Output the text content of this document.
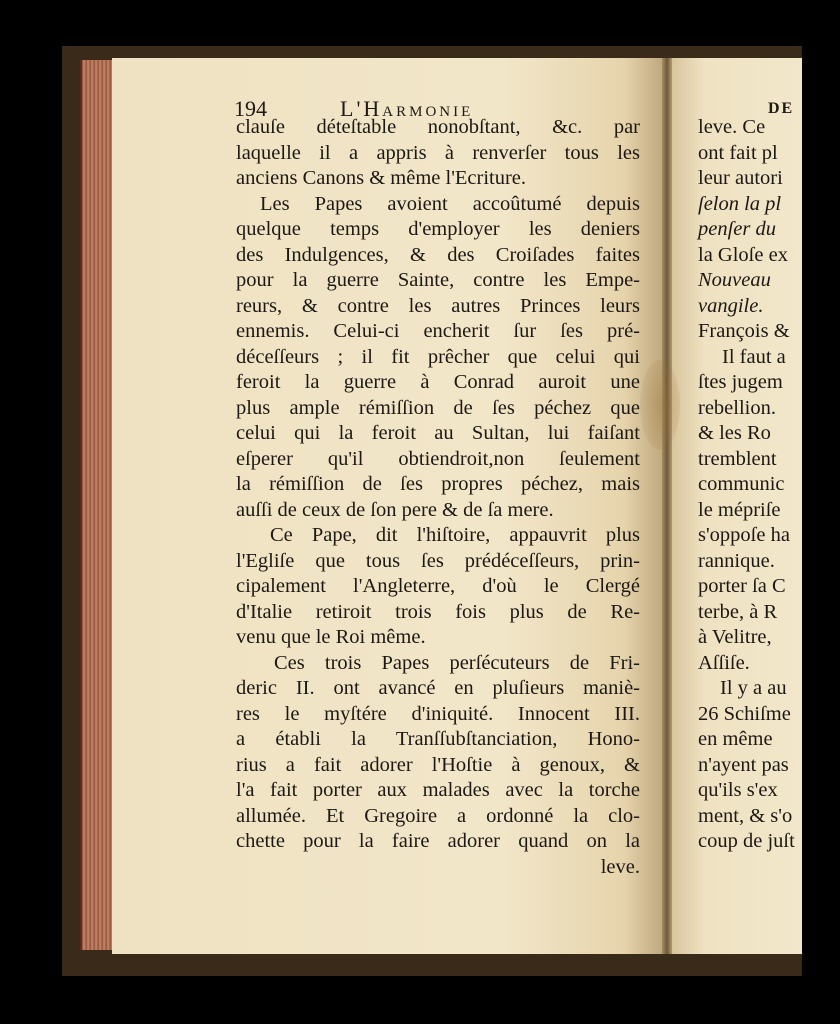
194	L'Harmonie	DE
clauſe déteſtable nonobſtant, &c. par
laquelle il a appris à renverſer tous les
anciens Canons & même l'Ecriture.
Les Papes avoient accoûtumé depuis
quelque temps d'employer les deniers
des Indulgences, & des Croiſades faites
pour la guerre Sainte, contre les Empe-
reurs, & contre les autres Princes leurs
ennemis. Celui-ci encherit ſur ſes pré-
déceſſeurs ; il fit prêcher que celui qui
feroit la guerre à Conrad auroit une
plus ample rémiſſion de ſes péchez que
celui qui la feroit au Sultan, lui faiſant
eſperer qu'il obtiendroit,non ſeulement
la rémiſſion de ſes propres péchez, mais
auſſi de ceux de ſon pere & de ſa mere.
Ce Pape, dit l'hiſtoire, appauvrit plus
l'Egliſe que tous ſes prédéceſſeurs, prin-
cipalement l'Angleterre, d'où le Clergé
d'Italie retiroit trois fois plus de Re-
venu que le Roi même.
Ces trois Papes perſécuteurs de Fri-
deric II. ont avancé en pluſieurs maniè-
res le myſtére d'iniquité. Innocent III.
a établi la Tranſſubſtanciation, Hono-
rius a fait adorer l'Hoſtie à genoux, &
l'a fait porter aux malades avec la torche
allumée. Et Gregoire a ordonné la clo-
chette pour la faire adorer quand on la
leve.
leve. Ce
ont fait pl
leur autori
ſelon la pl
penſer du
la Gloſe ex
Nouveau
vangile.
François &
Il faut a
ſtes jugem
rebellion.
& les Ro
tremblent
communic
le mépriſe
s'oppoſe ha
rannique.
porter ſa C
terbe, à R
à Velitre,
Aſſiſe.
Il y a au
26 Schiſme
en même
n'ayent pas
qu'ils s'ex
ment, & s'o
coup de juſt
